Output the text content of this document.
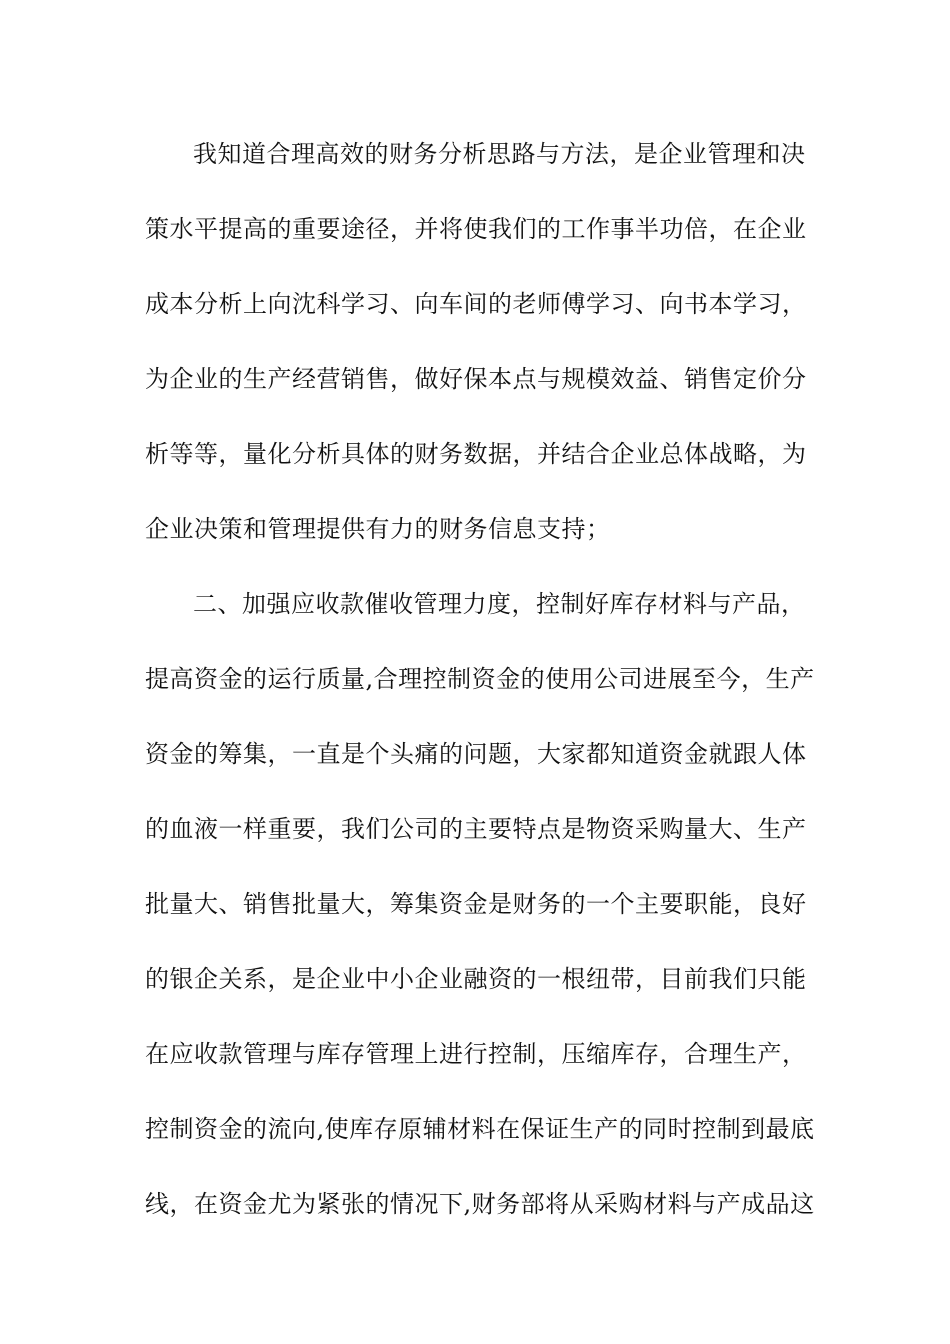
我知道合理高效的财务分析思路与方法，是企业管理和决
策水平提高的重要途径，并将使我们的工作事半功倍，在企业
成本分析上向沈科学习、向车间的老师傅学习、向书本学习，
为企业的生产经营销售，做好保本点与规模效益、销售定价分
析等等，量化分析具体的财务数据，并结合企业总体战略，为
企业决策和管理提供有力的财务信息支持；
二、加强应收款催收管理力度，控制好库存材料与产品，
提高资金的运行质量,合理控制资金的使用公司进展至今，生产
资金的筹集，一直是个头痛的问题，大家都知道资金就跟人体
的血液一样重要，我们公司的主要特点是物资采购量大、生产
批量大、销售批量大，筹集资金是财务的一个主要职能，良好
的银企关系，是企业中小企业融资的一根纽带，目前我们只能
在应收款管理与库存管理上进行控制，压缩库存，合理生产，
控制资金的流向,使库存原辅材料在保证生产的同时控制到最底
线，在资金尤为紧张的情况下,财务部将从采购材料与产成品这
